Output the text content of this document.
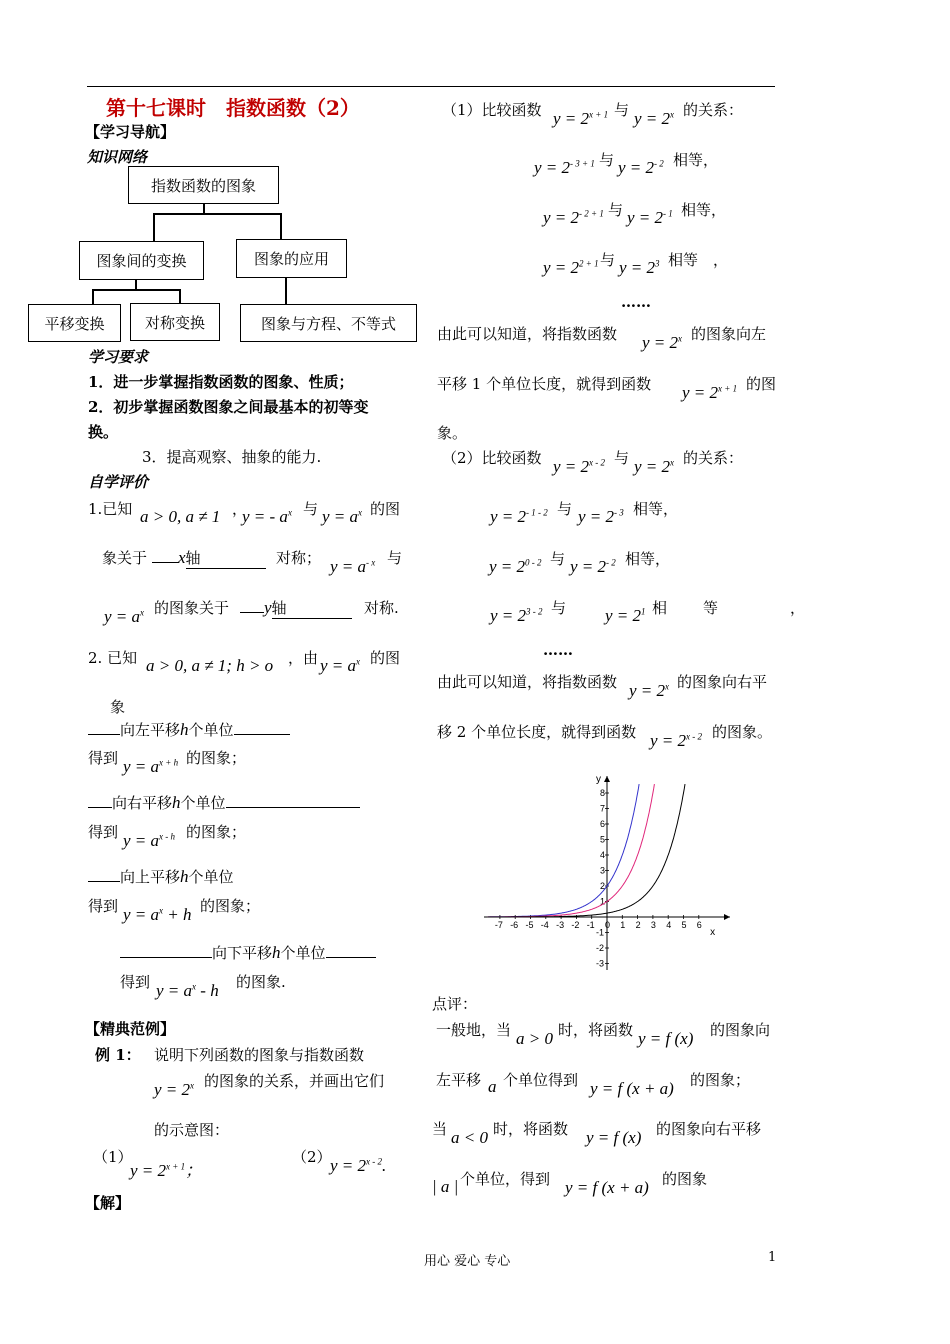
第十七课时　指数函数（2）
【学习导航】
知识网络
指数函数的图象
图象间的变换	图象的应用
平移变换	对称变换	图象与方程、不等式
学习要求
1．进一步掌握指数函数的图象、性质；
2．初步掌握函数图象之间最基本的初等变
换。
3．提高观察、抽象的能力.
自学评价
1.已知 a > 0, a ≠ 1 ，
y = - $a^x$ 与 $y = a^x$ 的图
象关于	x轴	对称； $y = a^{- x}$ 与
$y = a^x$ 的图象关于	y轴	对称.
2. 已知 a > 0, a ≠ 1; h > o ，由 $y = a^x$ 的图
象
向左平移h个单位
得到 $y = a^{x + h}$ 的图象；
向右平移h个单位
得到 $y = a^{x - h}$ 的图象；
向上平移h个单位
得到 $y = a^x + h$ 的图象；
向下平移h个单位
得到 $y = a^x - h$ 的图象.
【精典范例】
例 1： 说明下列函数的图象与指数函数
$y = 2^x$ 的图象的关系，并画出它们
的示意图：
（1）
$y = 2^{x + 1}$；
（2）
$y = 2^{x - 2}$.
【解】
（1）比较函数 $y = 2^{x + 1}$ 与 $y = 2^x$ 的关系：
$y = 2^{- 3 + 1}$ 与 $y = 2^{- 2}$ 相等，
$y = 2^{- 2 + 1}$ 与 $y = 2^{- 1}$ 相等，
$y = 2^{2 + 1}$ 与 $y = 2^3$ 相等　，
……
由此可以知道，将指数函数 $y = 2^x$ 的图象向左
平移 1 个单位长度，就得到函数 $y = 2^{x + 1}$ 的图
象。
（2）比较函数 $y = 2^{x - 2}$ 与 $y = 2^x$ 的关系：
$y = 2^{- 1 - 2}$ 与 $y = 2^{- 3}$ 相等，
$y = 2^{0 - 2}$ 与 $y = 2^{- 2}$ 相等，
$y = 2^{3 - 2}$ 与 $y = 2^1$ 相 等	，
……
由此可以知道，将指数函数 $y = 2^x$ 的图象向右平
移 2 个单位长度，就得到函数 $y = 2^{x - 2}$ 的图象。
-7 -6 -5 -4 -3 -2 -1 0 1 2 3 4 5 6
8
7
6
5
4
3
2
1
-1
-2
-3
x
y
点评：
一般地，当 a > 0 时，将函数 y = f (x) 的图象向
左平移 a 个单位得到 y = f (x + a) 的图象；
当 a < 0 时，将函数 y = f (x) 的图象向右平移
| a | 个单位，得到 y = f (x + a) 的图象
用心 爱心 专心	1
